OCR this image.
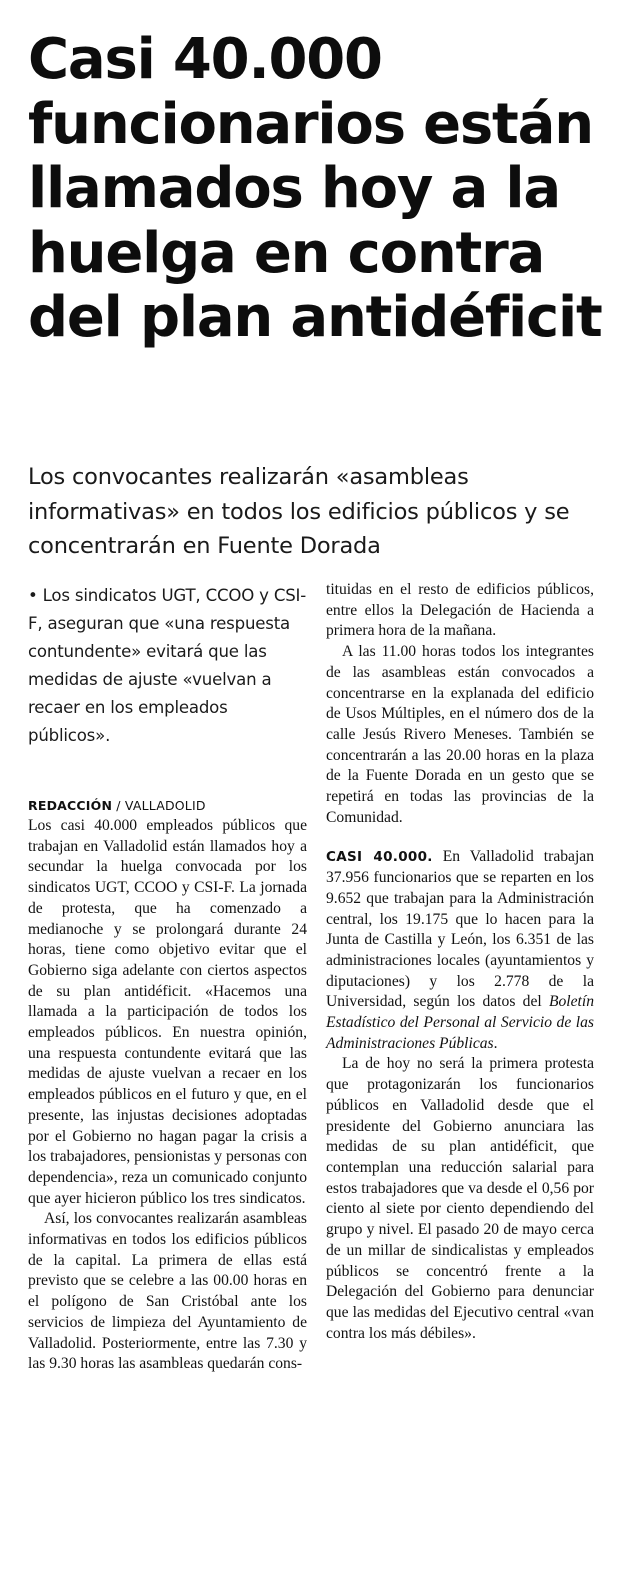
Casi 40.000
funcionarios están
llamados hoy a la
huelga en contra
del plan antidéficit

Los convocantes realizarán «asambleas informativas» en todos los edificios públicos y se concentrarán en Fuente Dorada

• Los sindicatos UGT, CCOO y CSI-F, aseguran que «una respuesta contundente» evitará que las medidas de ajuste «vuelvan a recaer en los empleados públicos».

REDACCIÓN / VALLADOLID

Los casi 40.000 empleados públicos que trabajan en Valladolid están llamados hoy a secundar la huelga convocada por los sindicatos UGT, CCOO y CSI-F. La jornada de protesta, que ha comenzado a medianoche y se prolongará durante 24 horas, tiene como objetivo evitar que el Gobierno siga adelante con ciertos aspectos de su plan antidéficit. «Hacemos una llamada a la participación de todos los empleados públicos. En nuestra opinión, una respuesta contundente evitará que las medidas de ajuste vuelvan a recaer en los empleados públicos en el futuro y que, en el presente, las injustas decisiones adoptadas por el Gobierno no hagan pagar la crisis a los trabajadores, pensionistas y personas con dependencia», reza un comunicado conjunto que ayer hicieron público los tres sindicatos.

Así, los convocantes realizarán asambleas informativas en todos los edificios públicos de la capital. La primera de ellas está previsto que se celebre a las 00.00 horas en el polígono de San Cristóbal ante los servicios de limpieza del Ayuntamiento de Valladolid. Posteriormente, entre las 7.30 y las 9.30 horas las asambleas quedarán cons-

tituidas en el resto de edificios públicos, entre ellos la Delegación de Hacienda a primera hora de la mañana.

A las 11.00 horas todos los integrantes de las asambleas están convocados a concentrarse en la explanada del edificio de Usos Múltiples, en el número dos de la calle Jesús Rivero Meneses. También se concentrarán a las 20.00 horas en la plaza de la Fuente Dorada en un gesto que se repetirá en todas las provincias de la Comunidad.

CASI 40.000. En Valladolid trabajan 37.956 funcionarios que se reparten en los 9.652 que trabajan para la Administración central, los 19.175 que lo hacen para la Junta de Castilla y León, los 6.351 de las administraciones locales (ayuntamientos y diputaciones) y los 2.778 de la Universidad, según los datos del Boletín Estadístico del Personal al Servicio de las Administraciones Públicas.

La de hoy no será la primera protesta que protagonizarán los funcionarios públicos en Valladolid desde que el presidente del Gobierno anunciara las medidas de su plan antidéficit, que contemplan una reducción salarial para estos trabajadores que va desde el 0,56 por ciento al siete por ciento dependiendo del grupo y nivel. El pasado 20 de mayo cerca de un millar de sindicalistas y empleados públicos se concentró frente a la Delegación del Gobierno para denunciar que las medidas del Ejecutivo central «van contra los más débiles».
